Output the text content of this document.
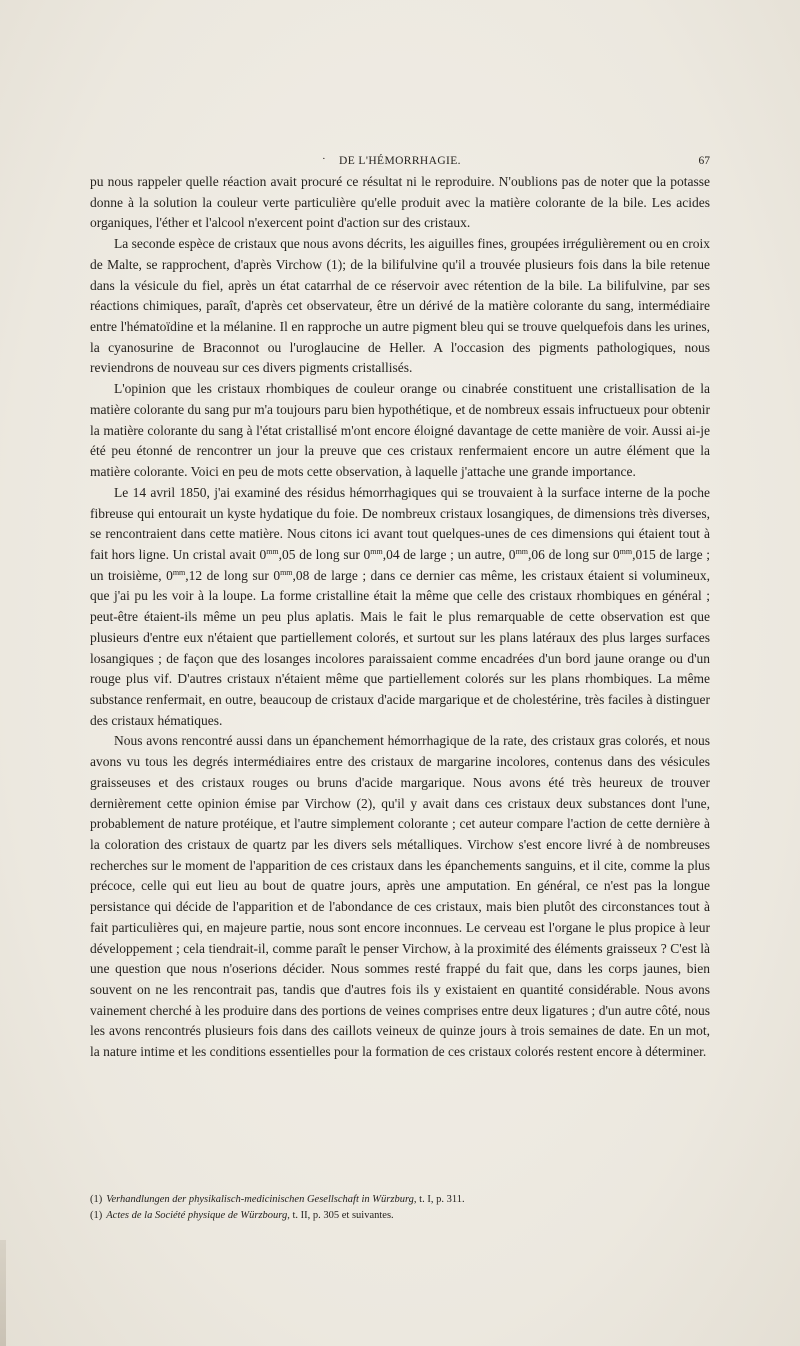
·	DE L'HÉMORRHAGIE.	67

pu nous rappeler quelle réaction avait procuré ce résultat ni le reproduire. N'oublions pas de noter que la potasse donne à la solution la couleur verte particulière qu'elle produit avec la matière colorante de la bile. Les acides organiques, l'éther et l'alcool n'exercent point d'action sur des cristaux.

La seconde espèce de cristaux que nous avons décrits, les aiguilles fines, groupées irrégulièrement ou en croix de Malte, se rapprochent, d'après Virchow (1); de la bilifulvine qu'il a trouvée plusieurs fois dans la bile retenue dans la vésicule du fiel, après un état catarrhal de ce réservoir avec rétention de la bile. La bilifulvine, par ses réactions chimiques, paraît, d'après cet observateur, être un dérivé de la matière colorante du sang, intermédiaire entre l'hématoïdine et la mélanine. Il en rapproche un autre pigment bleu qui se trouve quelquefois dans les urines, la cyanosurine de Braconnot ou l'uroglaucine de Heller. A l'occasion des pigments pathologiques, nous reviendrons de nouveau sur ces divers pigments cristallisés.

L'opinion que les cristaux rhombiques de couleur orange ou cinabrée constituent une cristallisation de la matière colorante du sang pur m'a toujours paru bien hypothétique, et de nombreux essais infructueux pour obtenir la matière colorante du sang à l'état cristallisé m'ont encore éloigné davantage de cette manière de voir. Aussi ai-je été peu étonné de rencontrer un jour la preuve que ces cristaux renfermaient encore un autre élément que la matière colorante. Voici en peu de mots cette observation, à laquelle j'attache une grande importance.

Le 14 avril 1850, j'ai examiné des résidus hémorrhagiques qui se trouvaient à la surface interne de la poche fibreuse qui entourait un kyste hydatique du foie. De nombreux cristaux losangiques, de dimensions très diverses, se rencontraient dans cette matière. Nous citons ici avant tout quelques-unes de ces dimensions qui étaient tout à fait hors ligne. Un cristal avait $0^{mm},05$ de long sur $0^{mm},04$ de large ; un autre, $0^{mm},06$ de long sur $0^{mm},015$ de large ; un troisième, $0^{mm},12$ de long sur $0^{mm},08$ de large ; dans ce dernier cas même, les cristaux étaient si volumineux, que j'ai pu les voir à la loupe. La forme cristalline était la même que celle des cristaux rhombiques en général ; peut-être étaient-ils même un peu plus aplatis. Mais le fait le plus remarquable de cette observation est que plusieurs d'entre eux n'étaient que partiellement colorés, et surtout sur les plans latéraux des plus larges surfaces losangiques ; de façon que des losanges incolores paraissaient comme encadrées d'un bord jaune orange ou d'un rouge plus vif. D'autres cristaux n'étaient même que partiellement colorés sur les plans rhombiques. La même substance renfermait, en outre, beaucoup de cristaux d'acide margarique et de cholestérine, très faciles à distinguer des cristaux hématiques.

Nous avons rencontré aussi dans un épanchement hémorrhagique de la rate, des cristaux gras colorés, et nous avons vu tous les degrés intermédiaires entre des cristaux de margarine incolores, contenus dans des vésicules graisseuses et des cristaux rouges ou bruns d'acide margarique. Nous avons été très heureux de trouver dernièrement cette opinion émise par Virchow (2), qu'il y avait dans ces cristaux deux substances dont l'une, probablement de nature protéique, et l'autre simplement colorante ; cet auteur compare l'action de cette dernière à la coloration des cristaux de quartz par les divers sels métalliques. Virchow s'est encore livré à de nombreuses recherches sur le moment de l'apparition de ces cristaux dans les épanchements sanguins, et il cite, comme la plus précoce, celle qui eut lieu au bout de quatre jours, après une amputation. En général, ce n'est pas la longue persistance qui décide de l'apparition et de l'abondance de ces cristaux, mais bien plutôt des circonstances tout à fait particulières qui, en majeure partie, nous sont encore inconnues. Le cerveau est l'organe le plus propice à leur développement ; cela tiendrait-il, comme paraît le penser Virchow, à la proximité des éléments graisseux ? C'est là une question que nous n'oserions décider. Nous sommes resté frappé du fait que, dans les corps jaunes, bien souvent on ne les rencontrait pas, tandis que d'autres fois ils y existaient en quantité considérable. Nous avons vainement cherché à les produire dans des portions de veines comprises entre deux ligatures ; d'un autre côté, nous les avons rencontrés plusieurs fois dans des caillots veineux de quinze jours à trois semaines de date. En un mot, la nature intime et les conditions essentielles pour la formation de ces cristaux colorés restent encore à déterminer.

(1) Verhandlungen der physikalisch-medicinischen Gesellschaft in Würzburg, t. I, p. 311.
(1) Actes de la Société physique de Würzbourg, t. II, p. 305 et suivantes.
